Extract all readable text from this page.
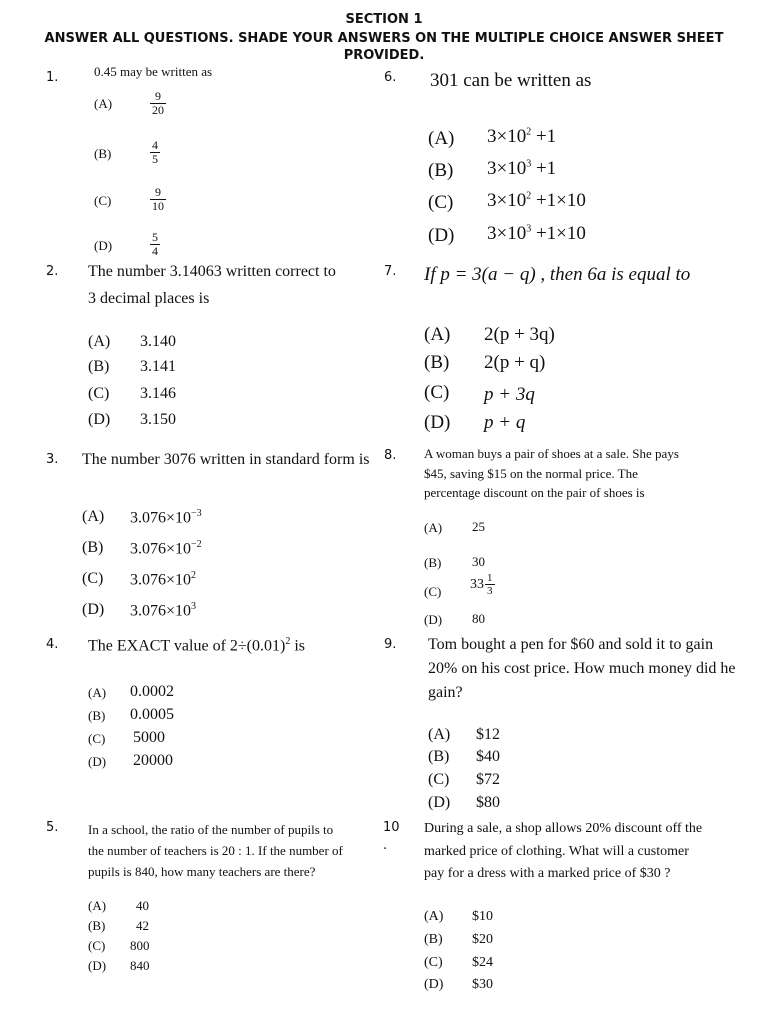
SECTION 1
ANSWER ALL QUESTIONS. SHADE YOUR ANSWERS ON THE MULTIPLE CHOICE ANSWER SHEET
PROVIDED.
1.	0.45 may be written as
(A)	$\frac{9}{20}$
(B)	$\frac{4}{5}$
(C)	$\frac{9}{10}$
(D)	$\frac{5}{4}$
2. The number 3.14063 written correct to
3 decimal places is
(A) 3.140
(B) 3.141
(C) 3.146
(D) 3.150
3. The number 3076 written in standard form is
(A) $3.076\times 10^{-3}$
(B) $3.076\times 10^{-2}$
(C) $3.076\times 10^2$
(D) $3.076\times 10^3$
4. The EXACT value of $2\div(0.01)^2$ is
(A) 0.0002
(B) 0.0005
(C) 5000
(D) 20000
5. In a school, the ratio of the number of pupils to
the number of teachers is 20 : 1. If the number of
pupils is 840, how many teachers are there?
(A) 40
(B) 42
(C) 800
(D) 840
6. 301 can be written as
(A) $3\times 10^2 +1$
(B) $3\times 10^3 +1$
(C) $3\times 10^2 +1\times 10$
(D) $3\times 10^3 +1\times 10$
7. If p = 3(a − q) , then 6a is equal to
(A) 2(p + 3q)
(B) 2(p + q)
(C) p + 3q
(D) p + q
8. A woman buys a pair of shoes at a sale. She pays
$45, saving $15 on the normal price. The
percentage discount on the pair of shoes is
(A) 25
(B) 30
(C) $33 \frac{1}{3}$
(D) 80
9. Tom bought a pen for $60 and sold it to gain
20% on his cost price. How much money did he
gain?
(A) $12
(B) $40
(C) $72
(D) $80
10
.
During a sale, a shop allows 20% discount off the
marked price of clothing. What will a customer
pay for a dress with a marked price of $30 ?
(A) $10
(B) $20
(C) $24
(D) $30
